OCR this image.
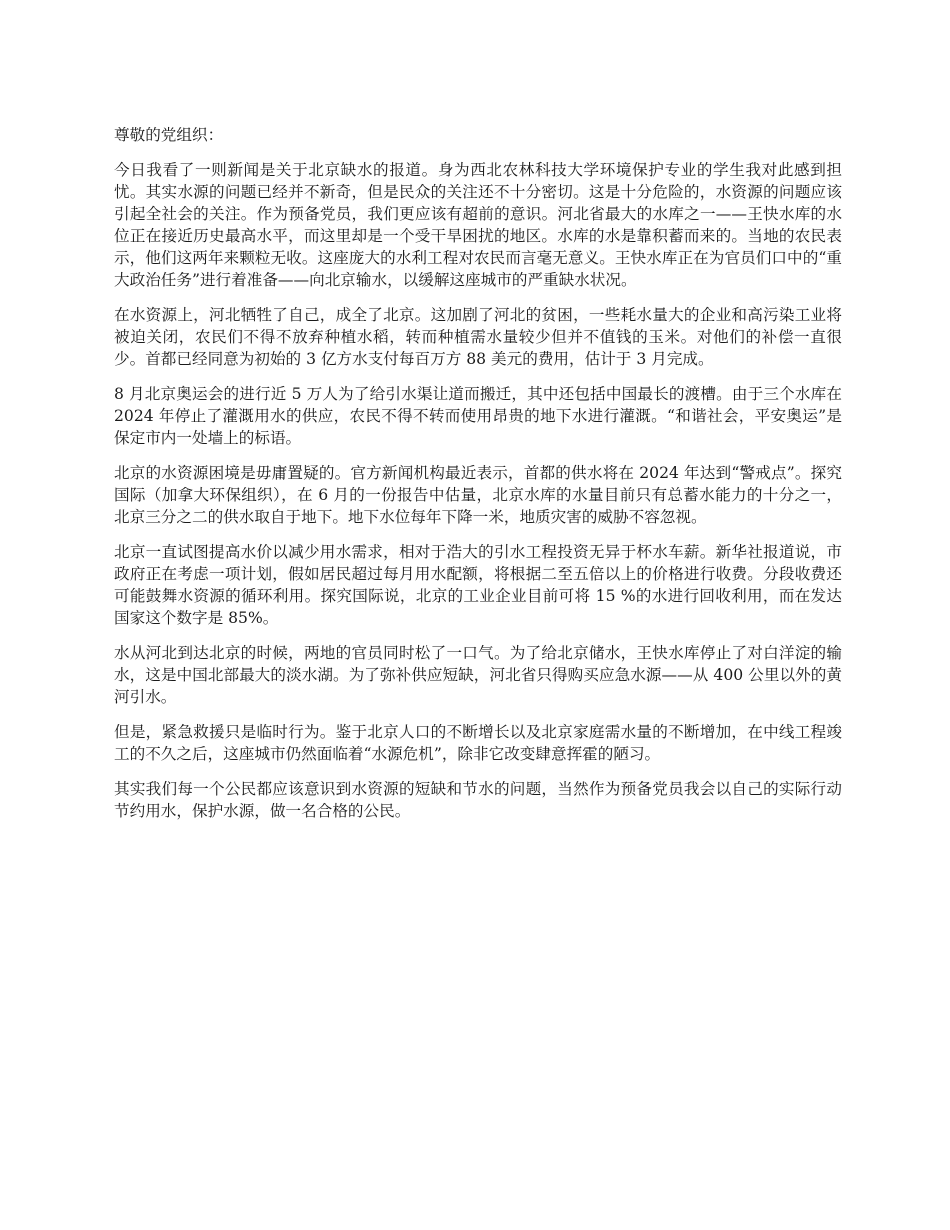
尊敬的党组织：

今日我看了一则新闻是关于北京缺水的报道。身为西北农林科技大学环境保护专业的学生我对此感到担忧。其实水源的问题已经并不新奇，但是民众的关注还不十分密切。这是十分危险的，水资源的问题应该引起全社会的关注。作为预备党员，我们更应该有超前的意识。河北省最大的水库之一——王快水库的水位正在接近历史最高水平，而这里却是一个受干旱困扰的地区。水库的水是靠积蓄而来的。当地的农民表示，他们这两年来颗粒无收。这座庞大的水利工程对农民而言毫无意义。王快水库正在为官员们口中的“重大政治任务”进行着准备——向北京输水，以缓解这座城市的严重缺水状况。

在水资源上，河北牺牲了自己，成全了北京。这加剧了河北的贫困，一些耗水量大的企业和高污染工业将被迫关闭，农民们不得不放弃种植水稻，转而种植需水量较少但并不值钱的玉米。对他们的补偿一直很少。首都已经同意为初始的 3 亿方水支付每百万方 88 美元的费用，估计于 3 月完成。

8 月北京奥运会的进行近 5 万人为了给引水渠让道而搬迁，其中还包括中国最长的渡槽。由于三个水库在 2024 年停止了灌溉用水的供应，农民不得不转而使用昂贵的地下水进行灌溉。“和谐社会，平安奥运”是保定市内一处墙上的标语。

北京的水资源困境是毋庸置疑的。官方新闻机构最近表示，首都的供水将在 2024 年达到“警戒点”。探究国际（加拿大环保组织），在 6 月的一份报告中估量，北京水库的水量目前只有总蓄水能力的十分之一，北京三分之二的供水取自于地下。地下水位每年下降一米，地质灾害的威胁不容忽视。

北京一直试图提高水价以减少用水需求，相对于浩大的引水工程投资无异于杯水车薪。新华社报道说，市政府正在考虑一项计划，假如居民超过每月用水配额，将根据二至五倍以上的价格进行收费。分段收费还可能鼓舞水资源的循环利用。探究国际说，北京的工业企业目前可将 15 %的水进行回收利用，而在发达国家这个数字是 85%。

水从河北到达北京的时候，两地的官员同时松了一口气。为了给北京储水，王快水库停止了对白洋淀的输水，这是中国北部最大的淡水湖。为了弥补供应短缺，河北省只得购买应急水源——从 400 公里以外的黄河引水。

但是，紧急救援只是临时行为。鉴于北京人口的不断增长以及北京家庭需水量的不断增加，在中线工程竣工的不久之后，这座城市仍然面临着“水源危机”，除非它改变肆意挥霍的陋习。

其实我们每一个公民都应该意识到水资源的短缺和节水的问题，当然作为预备党员我会以自己的实际行动节约用水，保护水源，做一名合格的公民。
